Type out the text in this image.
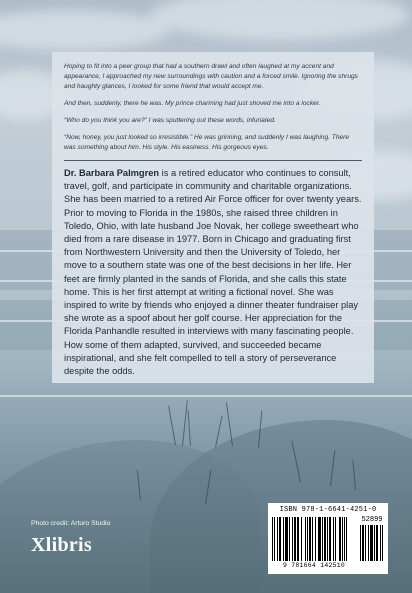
Hoping to fit into a peer group that had a southern drawl and often laughed at my accent and appearance, I approached my new surroundings with caution and a forced smile. Ignoring the shrugs and haughty glances, I looked for some friend that would accept me.

And then, suddenly, there he was. My prince charming had just shoved me into a locker.

“Who do you think you are?” I was sputtering out these words, infuriated.

“Now, honey, you just looked so irresistible.” He was grinning, and suddenly I was laughing. There was something about him. His style. His easiness. His gorgeous eyes.

Dr. Barbara Palmgren is a retired educator who continues to consult, travel, golf, and participate in community and charitable organizations. She has been married to a retired Air Force officer for over twenty years. Prior to moving to Florida in the 1980s, she raised three children in Toledo, Ohio, with late husband Joe Novak, her college sweetheart who died from a rare disease in 1977. Born in Chicago and graduating first from Northwestern University and then the University of Toledo, her move to a southern state was one of the best decisions in her life. Her feet are firmly planted in the sands of Florida, and she calls this state home. This is her first attempt at writing a fictional novel. She was inspired to write by friends who enjoyed a dinner theater fundraiser play she wrote as a spoof about her golf course. Her appreciation for the Florida Panhandle resulted in interviews with many fascinating people. How some of them adapted, survived, and succeeded became inspirational, and she felt compelled to tell a story of perseverance despite the odds.

Photo credit: Arturo Studio
Xlibris
ISBN 978-1-6641-4251-0
52899
9 781664 142510
